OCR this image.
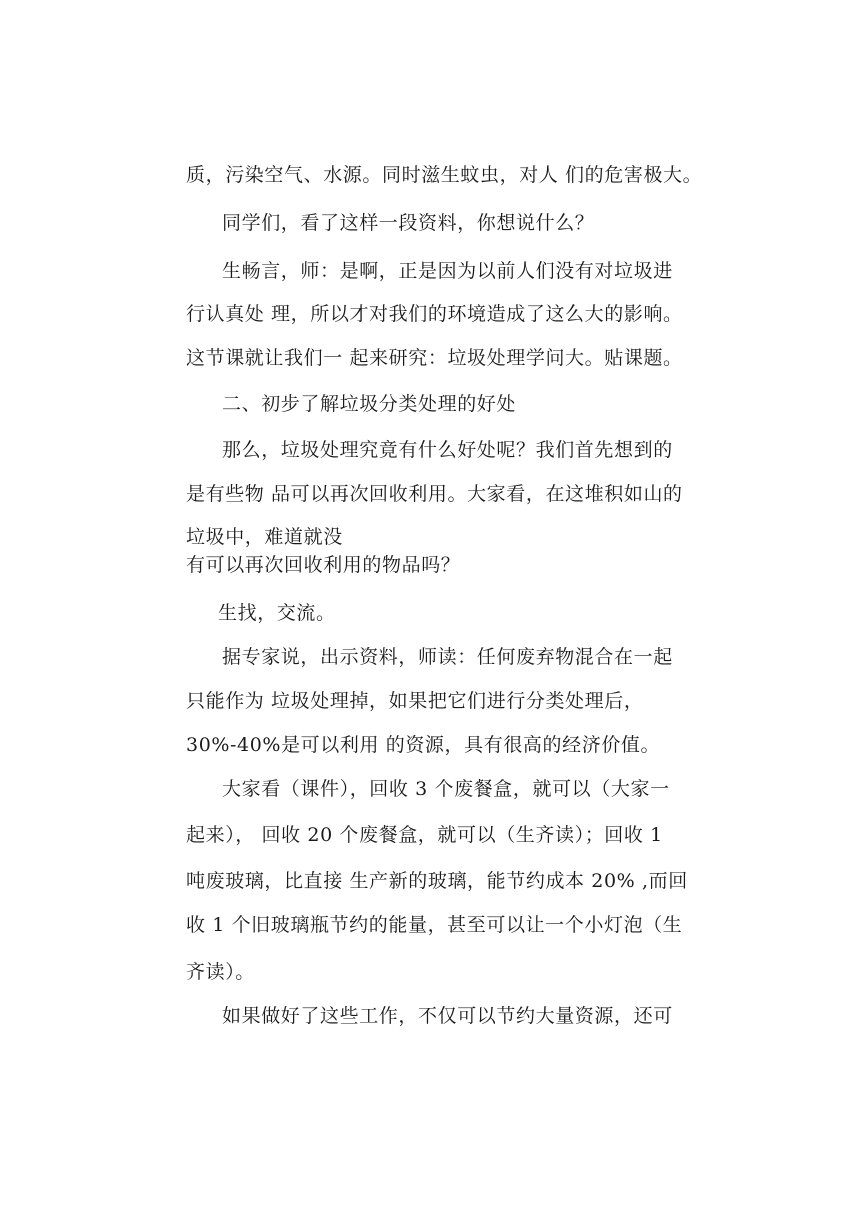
质，污染空气、水源。同时滋生蚊虫，对人 们的危害极大。
同学们，看了这样一段资料，你想说什么？
生畅言，师：是啊，正是因为以前人们没有对垃圾进
行认真处 理，所以才对我们的环境造成了这么大的影响。
这节课就让我们一 起来研究：垃圾处理学问大。贴课题。
二、初步了解垃圾分类处理的好处
那么，垃圾处理究竟有什么好处呢？我们首先想到的
是有些物 品可以再次回收利用。大家看，在这堆积如山的
垃圾中，难道就没
有可以再次回收利用的物品吗？
生找，交流。
据专家说，出示资料，师读：任何废弃物混合在一起
只能作为 垃圾处理掉，如果把它们进行分类处理后，
30%-40%是可以利用 的资源，具有很高的经济价值。
大家看（课件），回收 3 个废餐盒，就可以（大家一
起来）， 回收 20 个废餐盒，就可以（生齐读）；回收 1
吨废玻璃，比直接 生产新的玻璃，能节约成本 20% ,而回
收 1 个旧玻璃瓶节约的能量，甚至可以让一个小灯泡（生
齐读）。
如果做好了这些工作，不仅可以节约大量资源，还可
